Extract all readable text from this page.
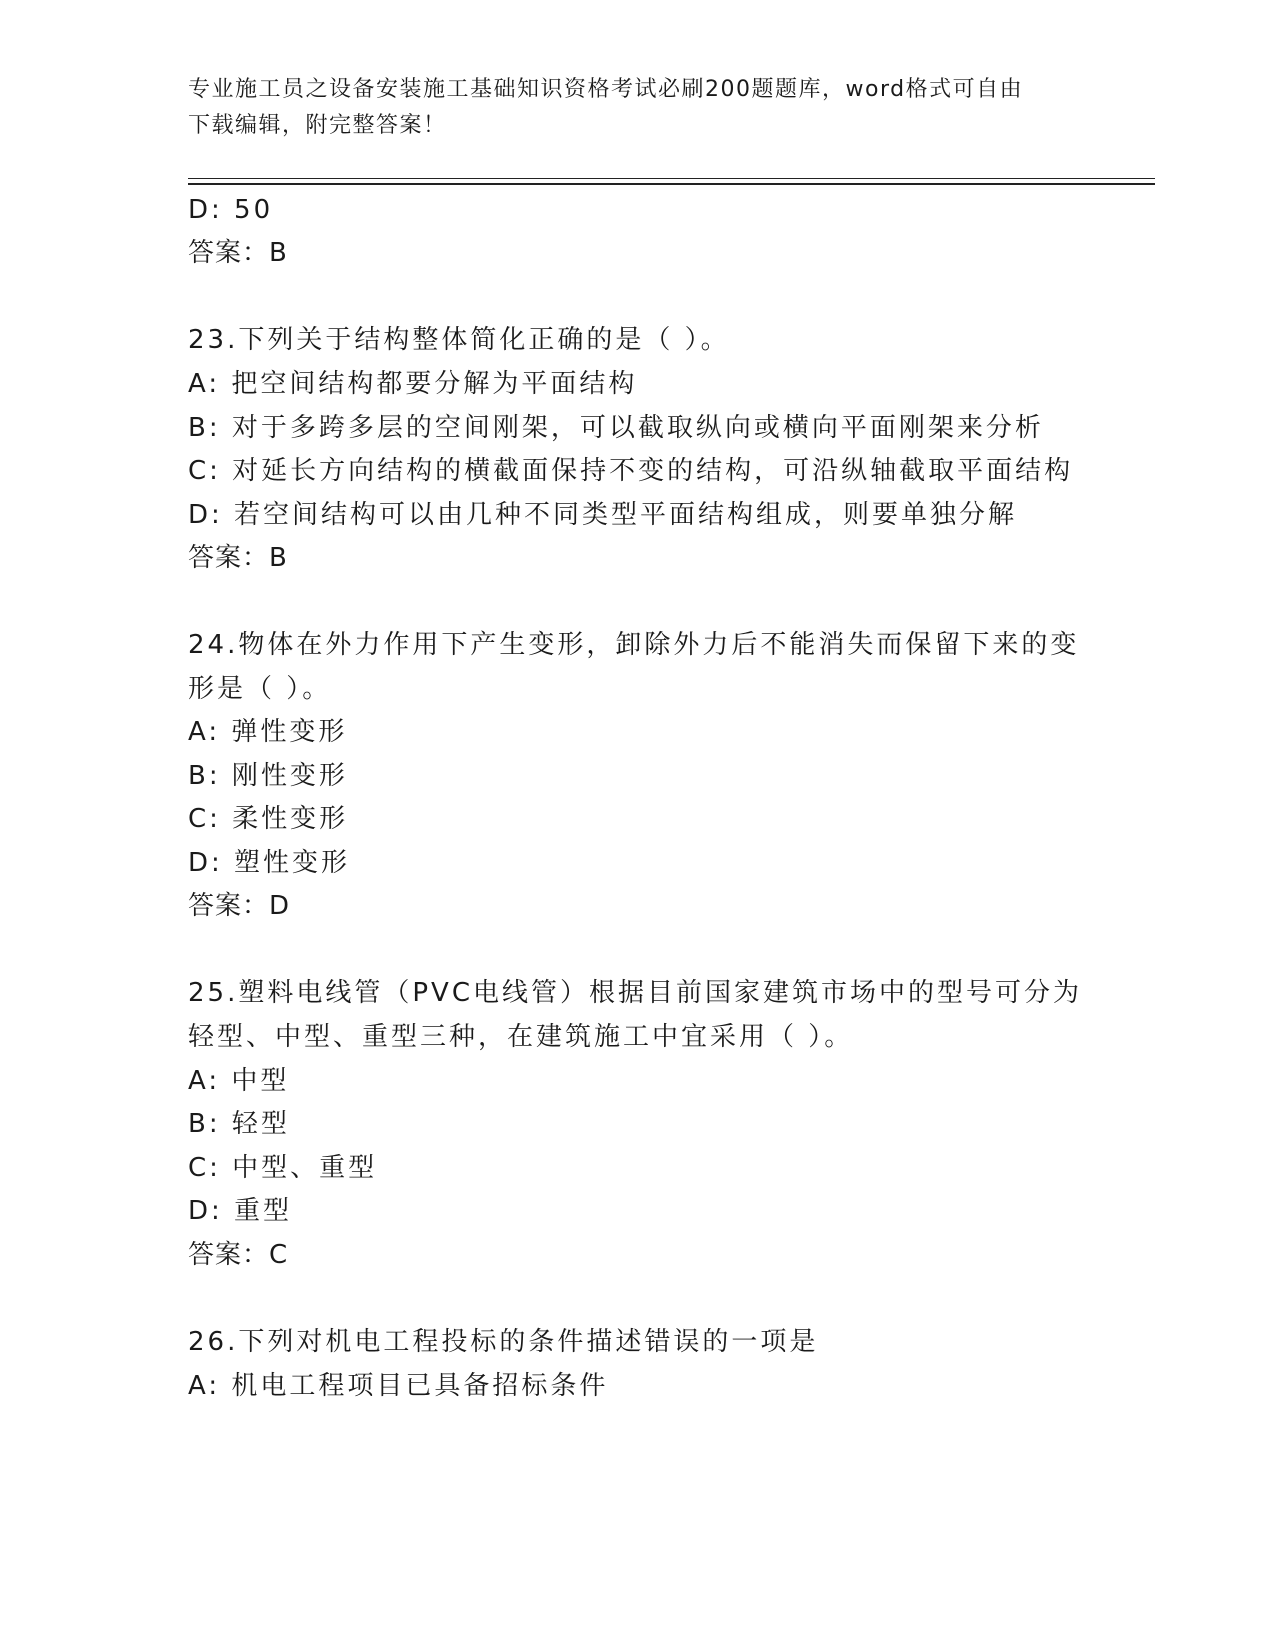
专业施工员之设备安装施工基础知识资格考试必刷200题题库，word格式可自由
下载编辑，附完整答案！
D: 50
答案：B
23.下列关于结构整体简化正确的是（ ）。
A: 把空间结构都要分解为平面结构
B: 对于多跨多层的空间刚架，可以截取纵向或横向平面刚架来分析
C: 对延长方向结构的横截面保持不变的结构，可沿纵轴截取平面结构
D: 若空间结构可以由几种不同类型平面结构组成，则要单独分解
答案：B
24.物体在外力作用下产生变形，卸除外力后不能消失而保留下来的变
形是（ ）。
A: 弹性变形
B: 刚性变形
C: 柔性变形
D: 塑性变形
答案：D
25.塑料电线管（PVC电线管）根据目前国家建筑市场中的型号可分为
轻型、中型、重型三种，在建筑施工中宜采用（ ）。
A: 中型
B: 轻型
C: 中型、重型
D: 重型
答案：C
26.下列对机电工程投标的条件描述错误的一项是
A: 机电工程项目已具备招标条件
